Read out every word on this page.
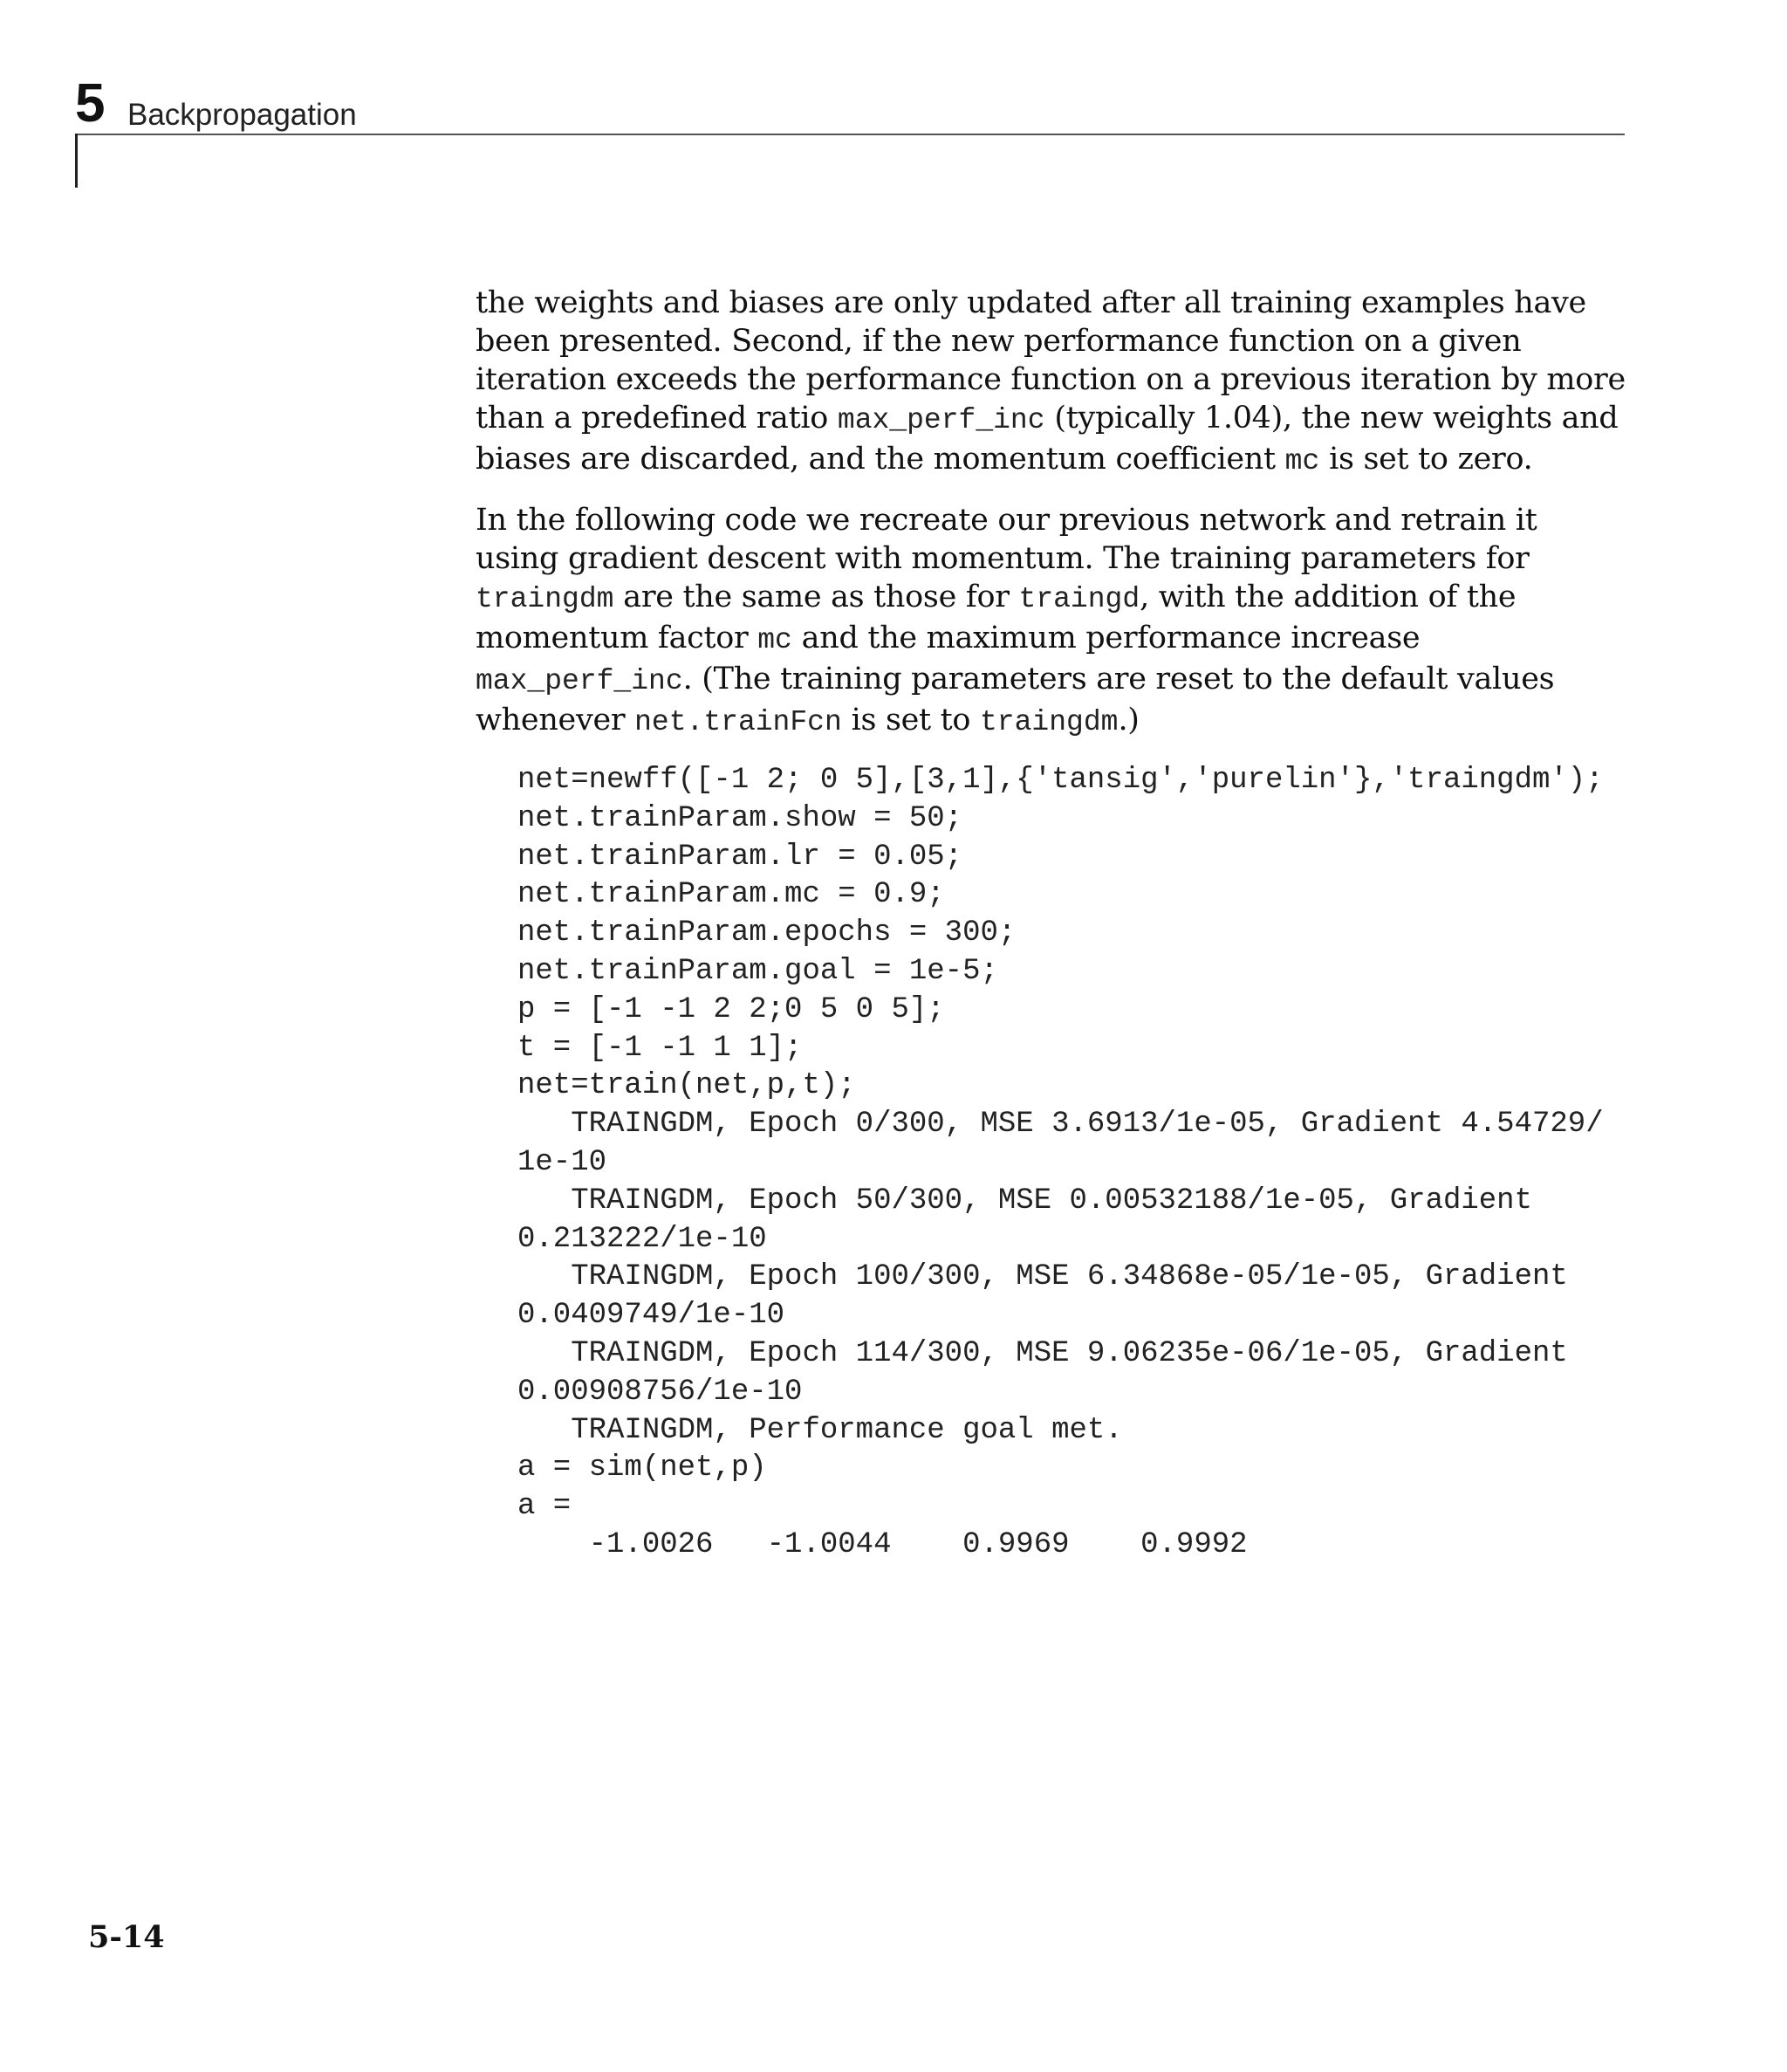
5 Backpropagation

the weights and biases are only updated after all training examples have been presented. Second, if the new performance function on a given iteration exceeds the performance function on a previous iteration by more than a predefined ratio max_perf_inc (typically 1.04), the new weights and biases are discarded, and the momentum coefficient mc is set to zero.

In the following code we recreate our previous network and retrain it using gradient descent with momentum. The training parameters for traingdm are the same as those for traingd, with the addition of the momentum factor mc and the maximum performance increase max_perf_inc. (The training parameters are reset to the default values whenever net.trainFcn is set to traingdm.)

net=newff([-1 2; 0 5],[3,1],{'tansig','purelin'},'traingdm');
net.trainParam.show = 50;
net.trainParam.lr = 0.05;
net.trainParam.mc = 0.9;
net.trainParam.epochs = 300;
net.trainParam.goal = 1e-5;
p = [-1 -1 2 2;0 5 0 5];
t = [-1 -1 1 1];
net=train(net,p,t);
TRAINGDM, Epoch 0/300, MSE 3.6913/1e-05, Gradient 4.54729/
1e-10
TRAINGDM, Epoch 50/300, MSE 0.00532188/1e-05, Gradient
0.213222/1e-10
TRAINGDM, Epoch 100/300, MSE 6.34868e-05/1e-05, Gradient
0.0409749/1e-10
TRAINGDM, Epoch 114/300, MSE 9.06235e-06/1e-05, Gradient
0.00908756/1e-10
TRAINGDM, Performance goal met.
a = sim(net,p)
a =
-1.0026   -1.0044    0.9969    0.9992
5-14
